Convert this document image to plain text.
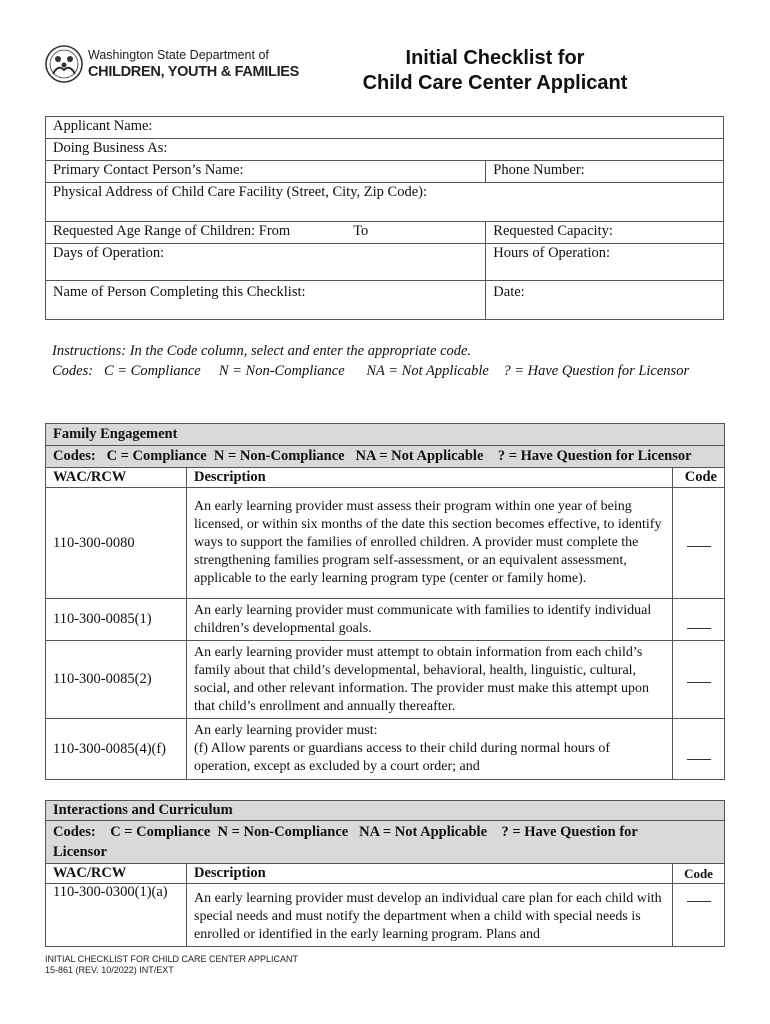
Washington State Department of
CHILDREN, YOUTH & FAMILIES
Initial Checklist for
Child Care Center Applicant
Applicant Name:	
Doing Business As:	
Primary Contact Person’s Name:	Phone Number:
Physical Address of Child Care Facility (Street, City, Zip Code):	
Requested Age Range of Children: From To	Requested Capacity:
Days of Operation:	Hours of Operation:
Name of Person Completing this Checklist:	Date:
Instructions: In the Code column, select and enter the appropriate code.
Codes:   C = Compliance     N = Non-Compliance      NA = Not Applicable    ? = Have Question for Licensor
Family Engagement		
Codes:   C = Compliance  N = Non-Compliance   NA = Not Applicable    ? = Have Question for Licensor		
WAC/RCW	Description	Code
110-300-0080	An early learning provider must assess their program within one year of being licensed, or within six months of the date this section becomes effective, to identify ways to support the families of enrolled children. A provider must complete the strengthening families program self-assessment, or an equivalent assessment, applicable to the early learning program type (center or family home).	
110-300-0085(1)	An early learning provider must communicate with families to identify individual children’s developmental goals.	
110-300-0085(2)	An early learning provider must attempt to obtain information from each child’s family about that child’s developmental, behavioral, health, linguistic, cultural, social, and other relevant information. The provider must make this attempt upon that child’s enrollment and annually thereafter.	
110-300-0085(4)(f)	An early learning provider must:
(f) Allow parents or guardians access to their child during normal hours of operation, except as excluded by a court order; and	

Interactions and Curriculum		

Codes:    C = Compliance  N = Non-Compliance   NA = Not Applicable    ? = Have Question for
Licensor		

WAC/RCW	Description	Code
110-300-0300(1)(a)	An early learning provider must develop an individual care plan for each child with special needs and must notify the department when a child with special needs is enrolled or identified in the early learning program. Plans and	
INITIAL CHECKLIST FOR CHILD CARE CENTER APPLICANT
15-861 (REV. 10/2022) INT/EXT
